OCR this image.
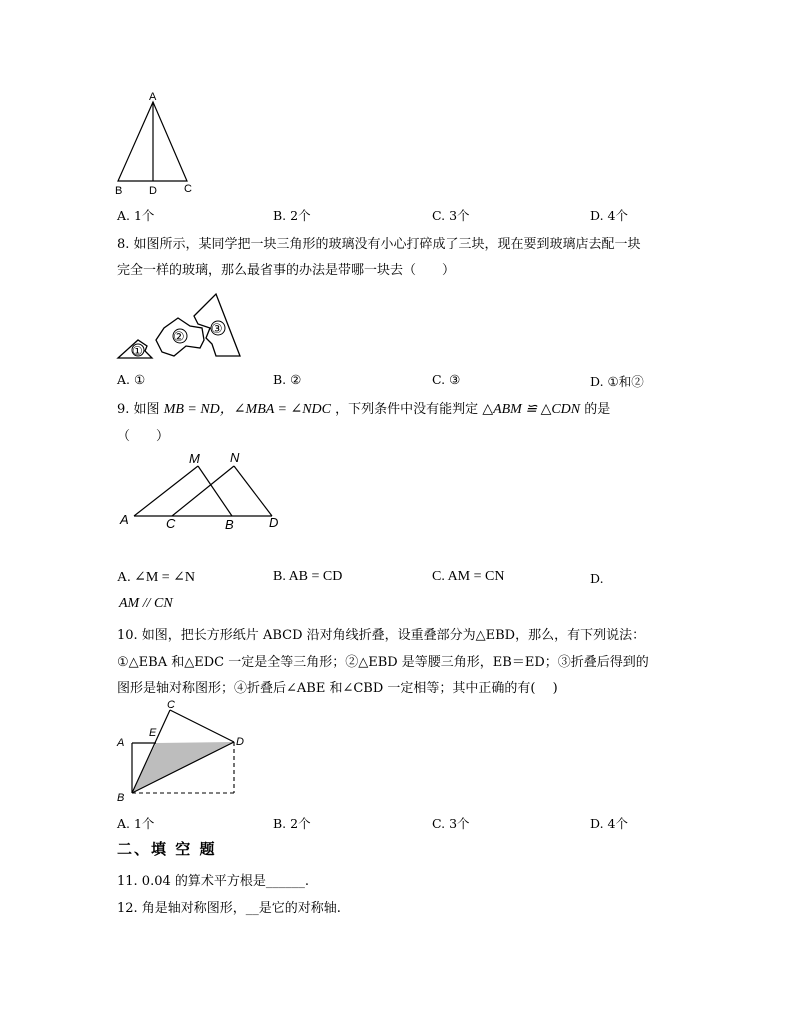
A
B D C
A. 1个	B. 2个	C. 3个	D. 4个
8. 如图所示，某同学把一块三角形的玻璃没有小心打碎成了三块，现在要到玻璃店去配一块
完全一样的玻璃，那么最省事的办法是带哪一块去（　　）
①
②
③
A. ①	B. ②	C. ③	D. ①和②
9. 如图 MB = ND，∠MBA = ∠NDC ，下列条件中没有能判定 △ABM ≌ △CDN 的是
（　　）
A	C	B	D
M N
A. ∠M = ∠N	B. AB = CD	C. AM = CN	D.
AM // CN
10. 如图，把长方形纸片 ABCD 沿对角线折叠，设重叠部分为△EBD，那么，有下列说法：
①△EBA 和△EDC 一定是全等三角形；②△EBD 是等腰三角形，EB＝ED；③折叠后得到的
图形是轴对称图形；④折叠后∠ABE 和∠CBD 一定相等；其中正确的有(　 )
A
B
C
D
E
A. 1个	B. 2个	C. 3个	D. 4个
二、填 空 题
11. 0.04 的算术平方根是______.
12. 角是轴对称图形，__是它的对称轴.
